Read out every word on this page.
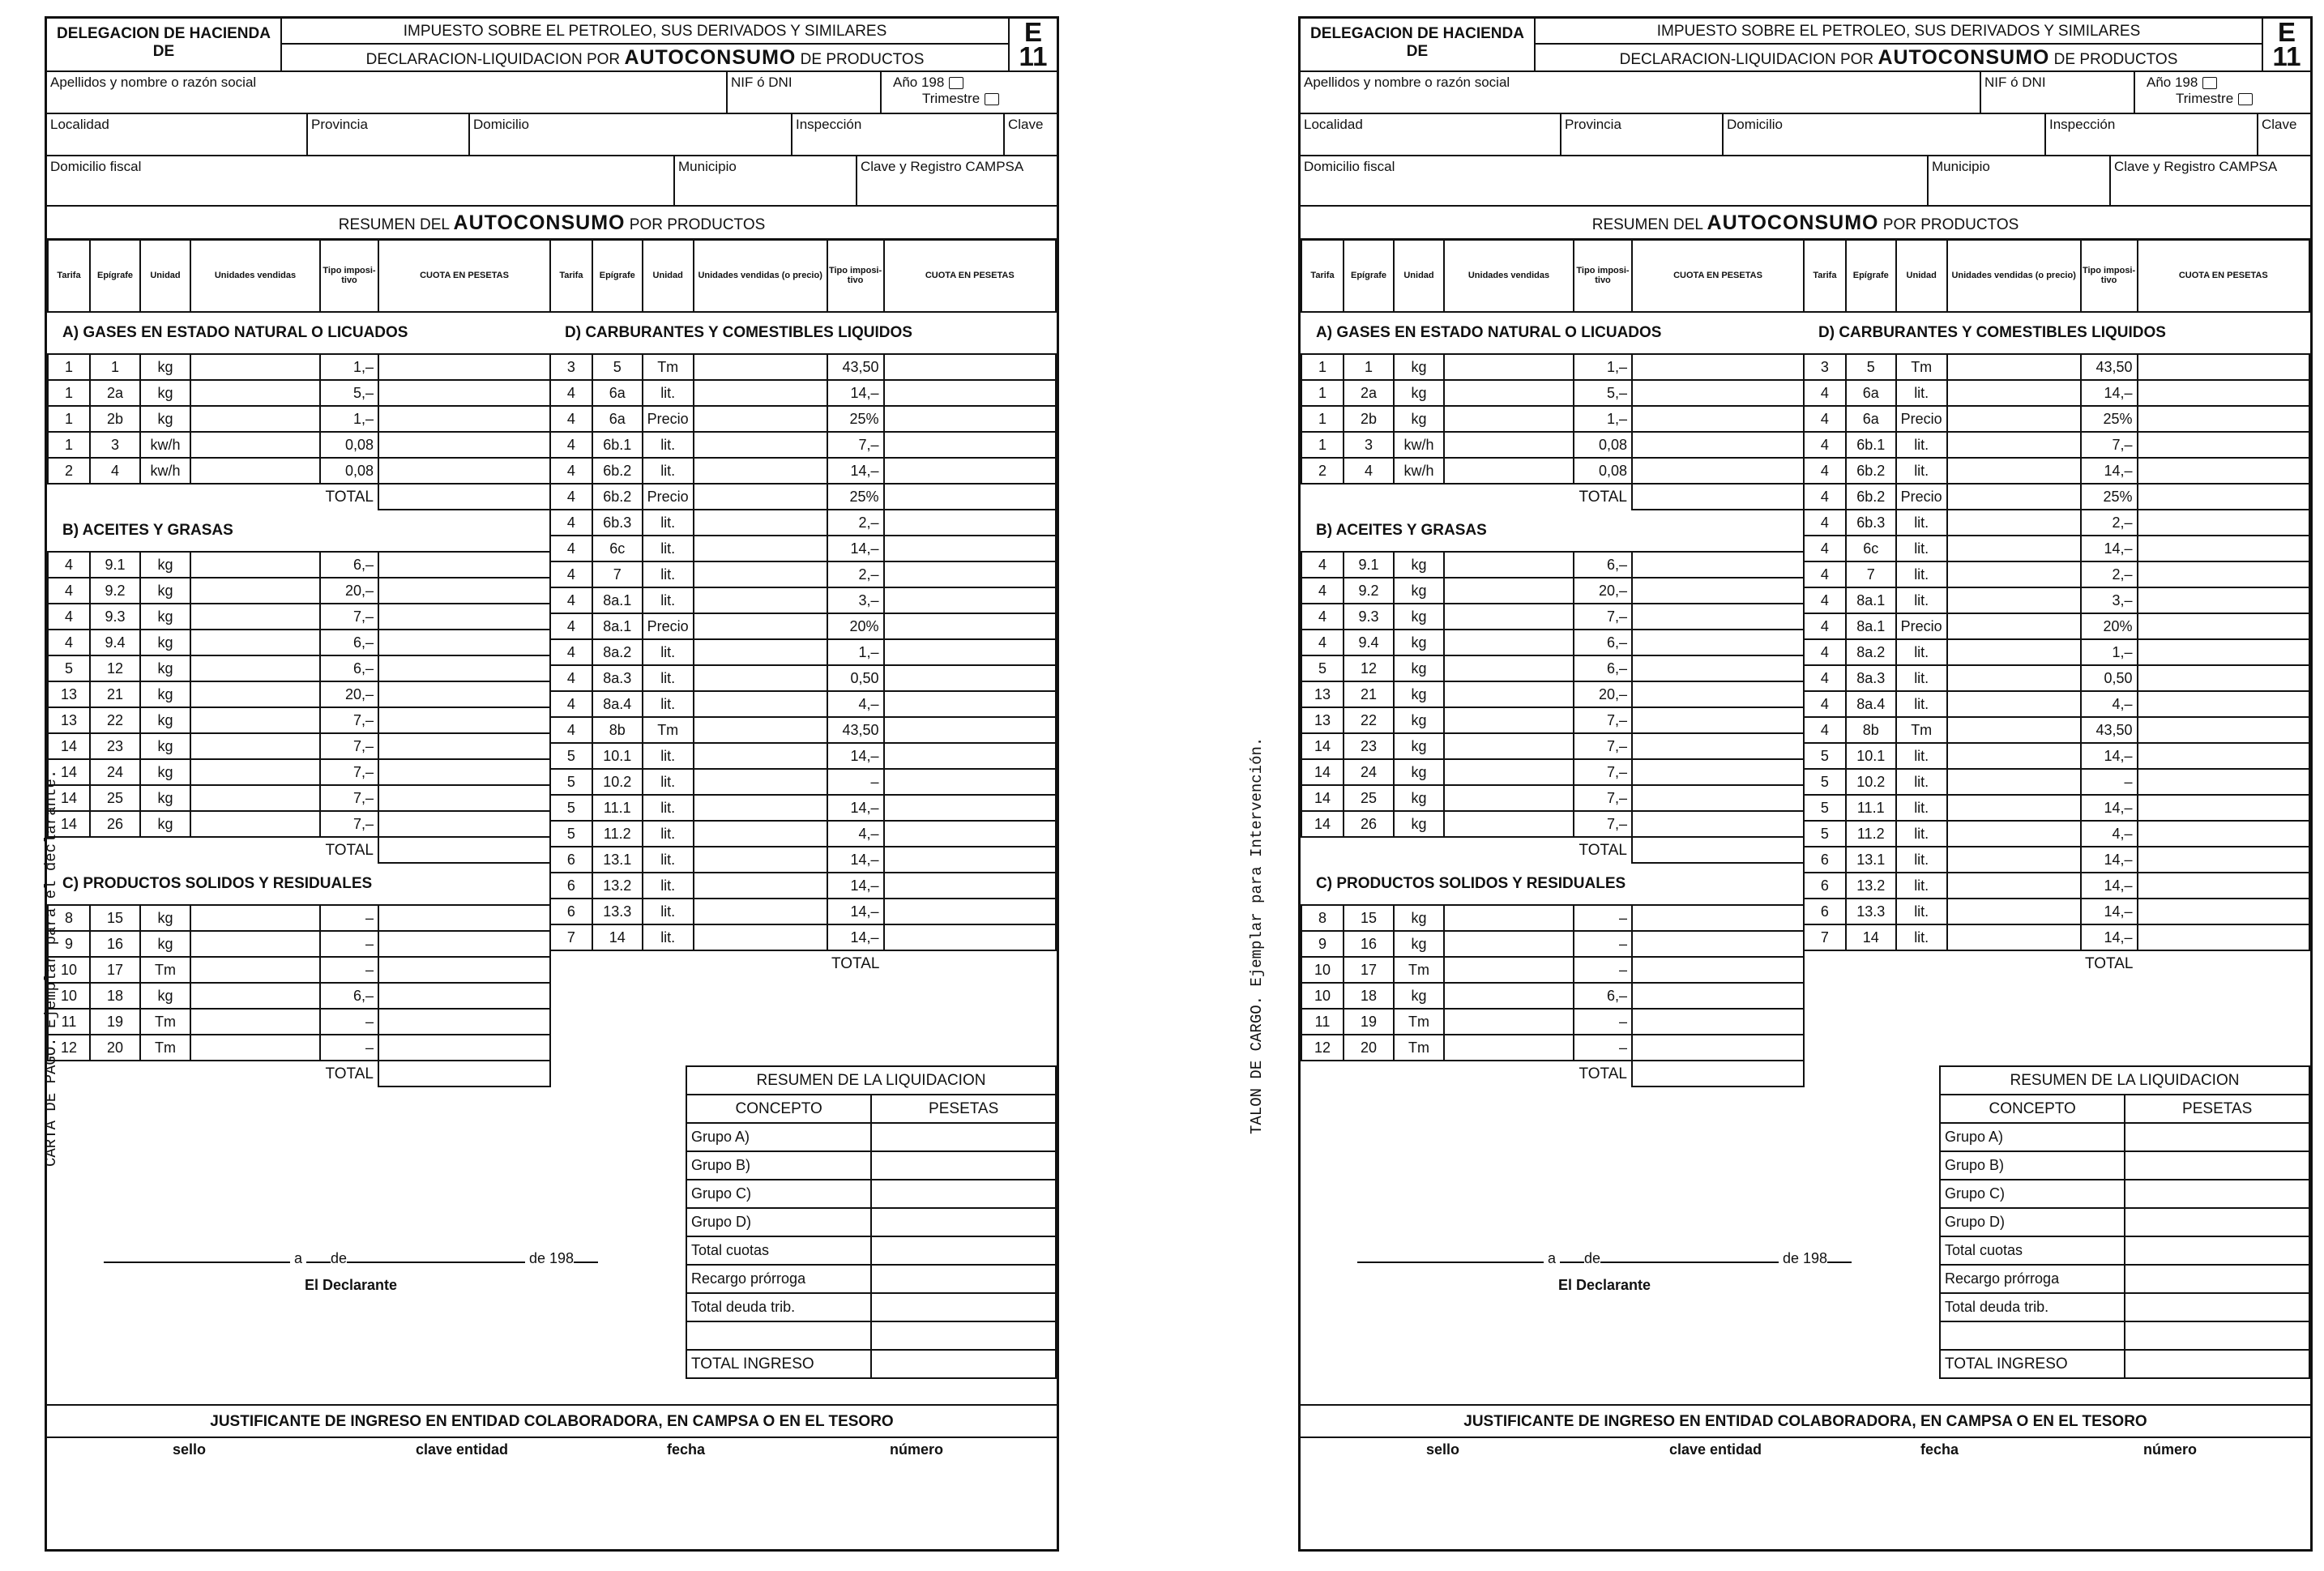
CARTA DE PAGO. Ejemplar para el declarante.	TALON DE CARGO. Ejemplar para Intervención.
DELEGACION DE HACIENDA
DE
IMPUESTO SOBRE EL PETROLEO, SUS DERIVADOS Y SIMILARES
DECLARACION-LIQUIDACION POR AUTOCONSUMO DE PRODUCTOS
E
11
Apellidos y nombre o razón social	NIF ó DNI	Año 198
Trimestre
Localidad	Provincia	Domicilio	Inspección	Clave
Domicilio fiscal	Municipio	Clave y Registro CAMPSA
RESUMEN DEL AUTOCONSUMO POR PRODUCTOS
Tarifa	Epígrafe	Unidad	Unidades vendidas	Tipo imposi-tivo	CUOTA EN PESETAS
A) GASES EN ESTADO NATURAL O LICUADOS					
1	1	kg		1,–	
1	2a	kg		5,–	
1	2b	kg		1,–	
1	3	kw/h		0,08	
2	4	kw/h		0,08	
TOTAL					
B) ACEITES Y GRASAS					
4	9.1	kg		6,–	
4	9.2	kg		20,–	
4	9.3	kg		7,–	
4	9.4	kg		6,–	
5	12	kg		6,–	
13	21	kg		20,–	
13	22	kg		7,–	
14	23	kg		7,–	
14	24	kg		7,–	
14	25	kg		7,–	
14	26	kg		7,–	
TOTAL					
C) PRODUCTOS SOLIDOS Y RESIDUALES					
8	15	kg		–	
9	16	kg		–	
10	17	Tm		–	
10	18	kg		6,–	
11	19	Tm		–	
12	20	Tm		–	
TOTAL					
Tarifa	Epígrafe	Unidad	Unidades vendidas (o precio)	Tipo imposi-tivo	CUOTA EN PESETAS
D) CARBURANTES Y COMESTIBLES LIQUIDOS					
3	5	Tm		43,50	
4	6a	lit.		14,–	
4	6a	Precio		25%	
4	6b.1	lit.		7,–	
4	6b.2	lit.		14,–	
4	6b.2	Precio		25%	
4	6b.3	lit.		2,–	
4	6c	lit.		14,–	
4	7	lit.		2,–	
4	8a.1	lit.		3,–	
4	8a.1	Precio		20%	
4	8a.2	lit.		1,–	
4	8a.3	lit.		0,50	
4	8a.4	lit.		4,–	
4	8b	Tm		43,50	
5	10.1	lit.		14,–	
5	10.2	lit.		–	
5	11.1	lit.		14,–	
5	11.2	lit.		4,–	
6	13.1	lit.		14,–	
6	13.2	lit.		14,–	
6	13.3	lit.		14,–	
7	14	lit.		14,–	
TOTAL					
RESUMEN DE LA LIQUIDACION	
CONCEPTO	PESETAS
Grupo A)	
Grupo B)	
Grupo C)	
Grupo D)	
Total cuotas	
Recargo prórroga	
Total deuda trib.	

TOTAL INGRESO	
a de	de 198
El Declarante
JUSTIFICANTE DE INGRESO EN ENTIDAD COLABORADORA, EN CAMPSA O EN EL TESORO
sello	clave entidad	fecha	número
DELEGACION DE HACIENDA
DE
IMPUESTO SOBRE EL PETROLEO, SUS DERIVADOS Y SIMILARES
DECLARACION-LIQUIDACION POR AUTOCONSUMO DE PRODUCTOS
E
11
Apellidos y nombre o razón social	NIF ó DNI	Año 198
Trimestre
Localidad	Provincia	Domicilio	Inspección	Clave
Domicilio fiscal	Municipio	Clave y Registro CAMPSA
RESUMEN DEL AUTOCONSUMO POR PRODUCTOS
Tarifa	Epígrafe	Unidad	Unidades vendidas	Tipo imposi-tivo	CUOTA EN PESETAS
A) GASES EN ESTADO NATURAL O LICUADOS					
1	1	kg		1,–	
1	2a	kg		5,–	
1	2b	kg		1,–	
1	3	kw/h		0,08	
2	4	kw/h		0,08	
TOTAL					
B) ACEITES Y GRASAS					
4	9.1	kg		6,–	
4	9.2	kg		20,–	
4	9.3	kg		7,–	
4	9.4	kg		6,–	
5	12	kg		6,–	
13	21	kg		20,–	
13	22	kg		7,–	
14	23	kg		7,–	
14	24	kg		7,–	
14	25	kg		7,–	
14	26	kg		7,–	
TOTAL					
C) PRODUCTOS SOLIDOS Y RESIDUALES					
8	15	kg		–	
9	16	kg		–	
10	17	Tm		–	
10	18	kg		6,–	
11	19	Tm		–	
12	20	Tm		–	
TOTAL					
Tarifa	Epígrafe	Unidad	Unidades vendidas (o precio)	Tipo imposi-tivo	CUOTA EN PESETAS
D) CARBURANTES Y COMESTIBLES LIQUIDOS					
3	5	Tm		43,50	
4	6a	lit.		14,–	
4	6a	Precio		25%	
4	6b.1	lit.		7,–	
4	6b.2	lit.		14,–	
4	6b.2	Precio		25%	
4	6b.3	lit.		2,–	
4	6c	lit.		14,–	
4	7	lit.		2,–	
4	8a.1	lit.		3,–	
4	8a.1	Precio		20%	
4	8a.2	lit.		1,–	
4	8a.3	lit.		0,50	
4	8a.4	lit.		4,–	
4	8b	Tm		43,50	
5	10.1	lit.		14,–	
5	10.2	lit.		–	
5	11.1	lit.		14,–	
5	11.2	lit.		4,–	
6	13.1	lit.		14,–	
6	13.2	lit.		14,–	
6	13.3	lit.		14,–	
7	14	lit.		14,–	
TOTAL					
RESUMEN DE LA LIQUIDACION	
CONCEPTO	PESETAS
Grupo A)	
Grupo B)	
Grupo C)	
Grupo D)	
Total cuotas	
Recargo prórroga	
Total deuda trib.	

TOTAL INGRESO	
a de	de 198
El Declarante
JUSTIFICANTE DE INGRESO EN ENTIDAD COLABORADORA, EN CAMPSA O EN EL TESORO
sello	clave entidad	fecha	número
